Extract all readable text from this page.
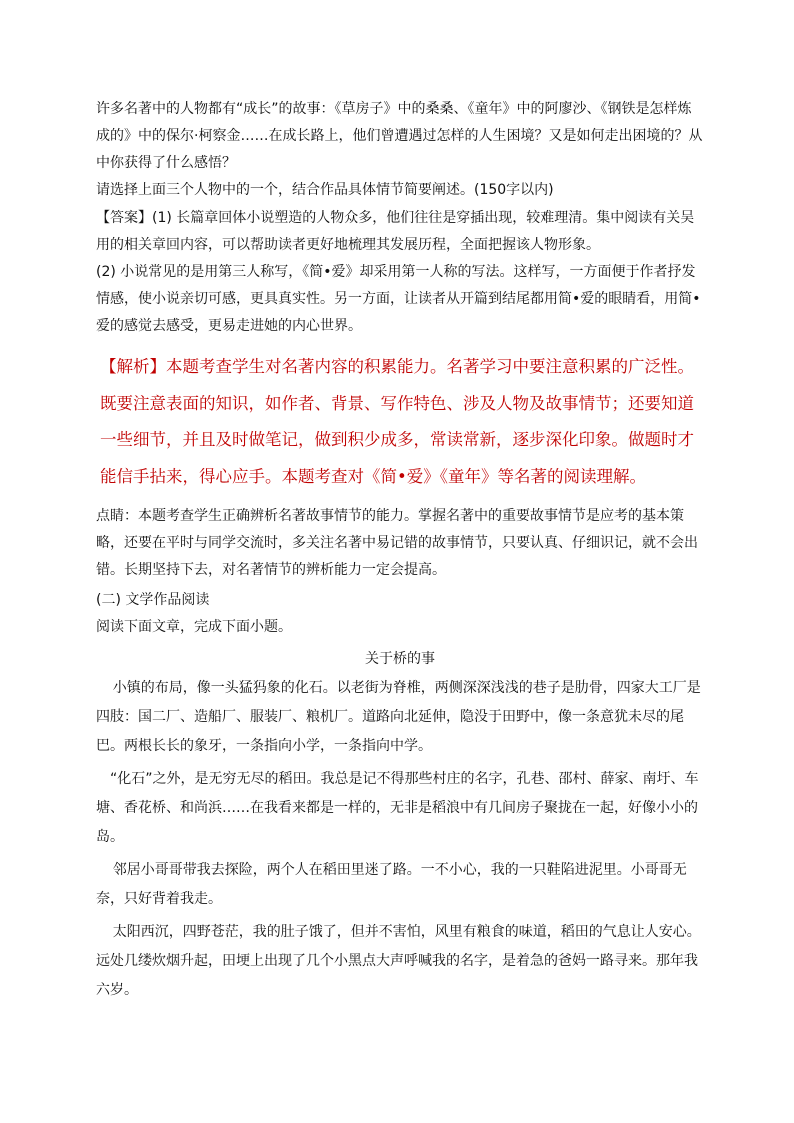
许多名著中的人物都有“成长”的故事：《草房子》中的桑桑、《童年》中的阿廖沙、《钢铁是怎样炼成的》中的保尔·柯察金……在成长路上，他们曾遭遇过怎样的人生困境？又是如何走出困境的？从中你获得了什么感悟？

请选择上面三个人物中的一个，结合作品具体情节简要阐述。(150字以内)

【答案】(1) 长篇章回体小说塑造的人物众多，他们往往是穿插出现，较难理清。集中阅读有关吴用的相关章回内容，可以帮助读者更好地梳理其发展历程，全面把握该人物形象。

(2) 小说常见的是用第三人称写，《简•爱》却采用第一人称的写法。这样写，一方面便于作者抒发情感，使小说亲切可感，更具真实性。另一方面，让读者从开篇到结尾都用简•爱的眼睛看，用简•爱的感觉去感受，更易走进她的内心世界。

【解析】本题考查学生对名著内容的积累能力。名著学习中要注意积累的广泛性。既要注意表面的知识，如作者、背景、写作特色、涉及人物及故事情节；还要知道一些细节，并且及时做笔记，做到积少成多，常读常新，逐步深化印象。做题时才能信手拈来，得心应手。本题考查对《简•爱》《童年》等名著的阅读理解。

点睛：本题考查学生正确辨析名著故事情节的能力。掌握名著中的重要故事情节是应考的基本策略，还要在平时与同学交流时，多关注名著中易记错的故事情节，只要认真、仔细识记，就不会出错。长期坚持下去，对名著情节的辨析能力一定会提高。

(二) 文学作品阅读

阅读下面文章，完成下面小题。

关于桥的事

小镇的布局，像一头猛犸象的化石。以老街为脊椎，两侧深深浅浅的巷子是肋骨，四家大工厂是四肢：国二厂、造船厂、服装厂、粮机厂。道路向北延伸，隐没于田野中，像一条意犹未尽的尾巴。两根长长的象牙，一条指向小学，一条指向中学。

“化石”之外，是无穷无尽的稻田。我总是记不得那些村庄的名字，孔巷、邵村、薛家、南圩、车塘、香花桥、和尚浜……在我看来都是一样的，无非是稻浪中有几间房子聚拢在一起，好像小小的岛。

邻居小哥哥带我去探险，两个人在稻田里迷了路。一不小心，我的一只鞋陷进泥里。小哥哥无奈，只好背着我走。

太阳西沉，四野苍茫，我的肚子饿了，但并不害怕，风里有粮食的味道，稻田的气息让人安心。远处几缕炊烟升起，田埂上出现了几个小黑点大声呼喊我的名字，是着急的爸妈一路寻来。那年我六岁。
